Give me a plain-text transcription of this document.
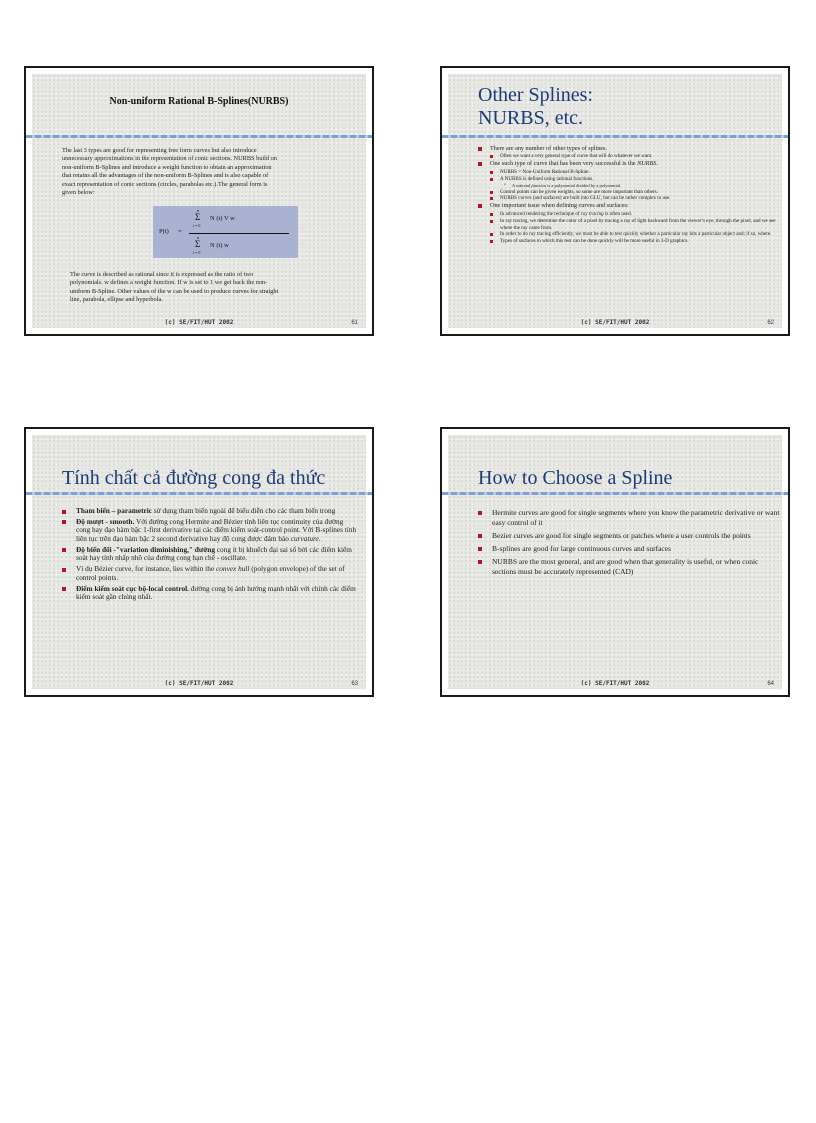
Non-uniform Rational B-Splines(NURBS)
The last 3 types are good for representing free form curves but also introduce
unnecessary approximations in the representation of conic sections. NURBS build on
non-uniform B-Splines and introduce a weight function to obtain an approximation
that retains all the advantages of the non-uniform B-Splines and is also capable of
exact representation of conic sections (circles, parabolas etc.).The general form is
given below:
P(t) =
n
Σ
i = 0
N (t) V w
n
Σ
i = 0
N (t) w
The curve is described as rational since it is expressed as the ratio of two
polynomials. w defines a weight function. If w is set to 1 we get back the non-
uniform B-Spline. Other values of the w can be used to produce curves for straight
line, parabola, ellipse and hyperbola.
(c) SE/FIT/HUT 2002	61
Other Splines:
NURBS, etc.
There are any number of other types of splines.
Often we want a very general type of curve that will do whatever we want.
One such type of curve that has been very successful is the NURBS.
NURBS = Non-Uniform Rational B-Spline.
A NURBS is defined using rational functions.
• A rational function is a polynomial divided by a polynomial.
Control points can be given weights, so some are more important than others.
NURBS curves (and surfaces) are built into GLU, but can be rather complex to use.
One important issue when defining curves and surfaces:
In advanced rendering the technique of ray tracing is often used.
In ray tracing, we determine the color of a pixel by tracing a ray of light backward from the viewer’s eye, through the pixel, and we see where the ray came from.
In order to do ray tracing efficiently, we must be able to test quickly whether a particular ray hits a particular object and; if so, where.
Types of surfaces in which this test can be done quickly will be more useful in 3-D graphics.
(c) SE/FIT/HUT 2002	62
Tính chất cả đường cong đa thức
Tham biến – parametric sử dụng tham biến ngoài để biểu diễn cho các tham biến trong
Độ mượt - smooth. Với đường cong Hermite and Bézier tính liên tục continuity của đường cong hay đạo hàm bậc 1-first derivative tại các điểm kiểm soát-control point. Với B-splines tính liên tục trên đạo hàm bậc 2 second derivative hay độ cong được đảm bảo curvature.
Độ biến đổi -"variation diminishing," đường cong ít bị khuếch đại sai số bởi các điểm kiểm soát hay tính nhấp nhô của đường cong hạn chế - oscillate.
Ví dụ Bézier curve, for instance, lies within the convex hull (polygon envelope) of the set of control points.
Điểm kiểm soát cục bộ-local control. đường cong bị ảnh hưởng mạnh nhất với chính các điểm kiểm soát gần chúng nhất.
(c) SE/FIT/HUT 2002	63
How to Choose a Spline
Hermite curves are good for single segments where you know the parametric derivative or want easy control of it
Bezier curves are good for single segments or patches where a user controls the points
B-splines are good for large continuous curves and surfaces
NURBS are the most general, and are good when that generality is useful, or when conic sections must be accurately represented (CAD)
(c) SE/FIT/HUT 2002	64
